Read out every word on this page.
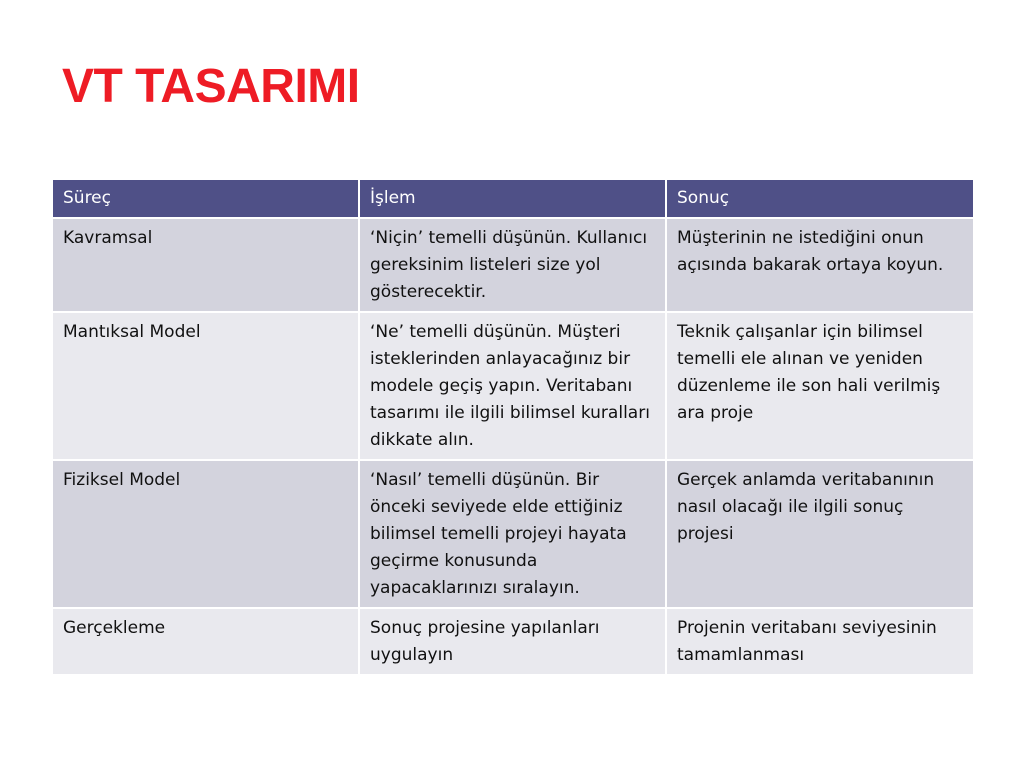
VT TASARIMI
Süreç	İşlem	Sonuç
Kavramsal	‘Niçin’ temelli düşünün. Kullanıcı gereksinim listeleri size yol gösterecektir.	Müşterinin ne istediğini onun açısında bakarak ortaya koyun.
Mantıksal Model	‘Ne’ temelli düşünün. Müşteri isteklerinden anlayacağınız bir modele geçiş yapın. Veritabanı tasarımı ile ilgili bilimsel kuralları dikkate alın.	Teknik çalışanlar için bilimsel temelli ele alınan ve yeniden düzenleme ile son hali verilmiş ara proje
Fiziksel Model	‘Nasıl’ temelli düşünün. Bir önceki seviyede elde ettiğiniz bilimsel temelli projeyi hayata geçirme konusunda yapacaklarınızı sıralayın.	Gerçek anlamda veritabanının nasıl olacağı ile ilgili sonuç projesi
Gerçekleme	Sonuç projesine yapılanları uygulayın	Projenin veritabanı seviyesinin tamamlanması
